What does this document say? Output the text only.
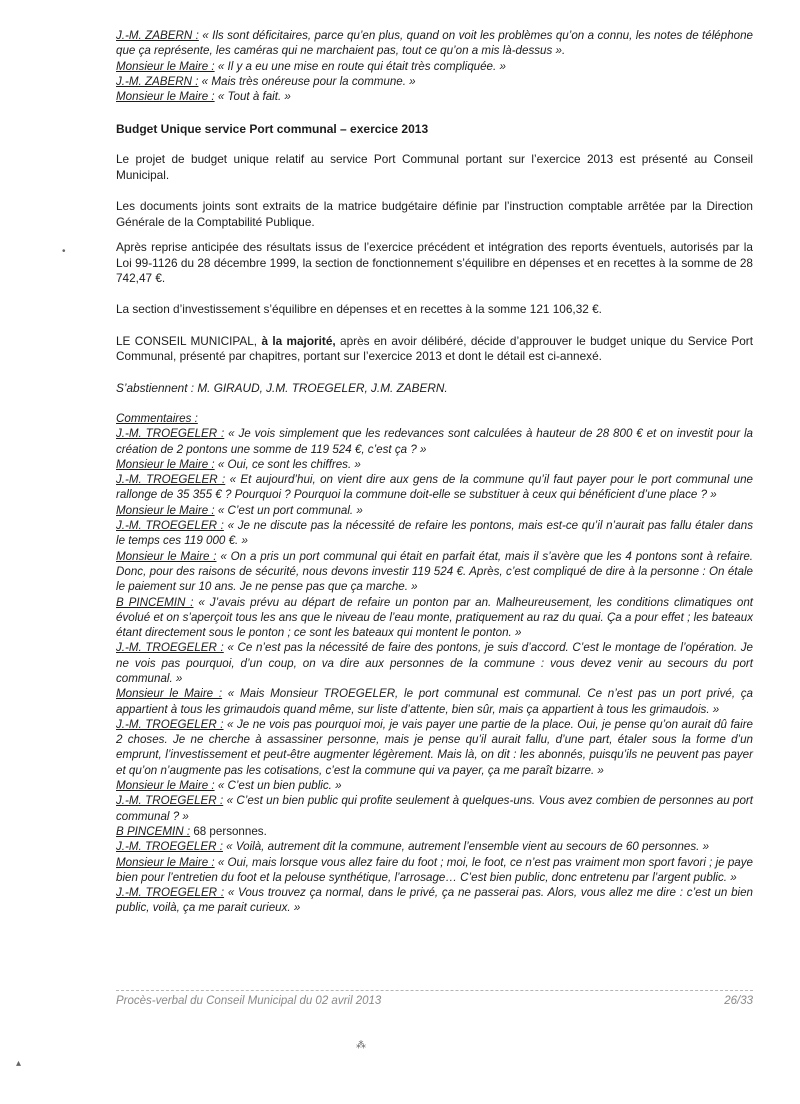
J.-M. ZABERN : « Ils sont déficitaires, parce qu’en plus, quand on voit les problèmes qu’on a connu, les notes de téléphone que ça représente, les caméras qui ne marchaient pas, tout ce qu’on a mis là-dessus ».

Monsieur le Maire : « Il y a eu une mise en route qui était très compliquée. »

J.-M. ZABERN : « Mais très onéreuse pour la commune. »

Monsieur le Maire : « Tout à fait. »

Budget Unique service Port communal – exercice 2013

Le projet de budget unique relatif au service Port Communal portant sur l’exercice 2013 est présenté au Conseil Municipal.

Les documents joints sont extraits de la matrice budgétaire définie par l’instruction comptable arrêtée par la Direction Générale de la Comptabilité Publique.

Après reprise anticipée des résultats issus de l’exercice précédent et intégration des reports éventuels, autorisés par la Loi 99-1126 du 28 décembre 1999, la section de fonctionnement s’équilibre en dépenses et en recettes à la somme de 28 742,47 €.

La section d’investissement s’équilibre en dépenses et en recettes à la somme 121 106,32 €.

LE CONSEIL MUNICIPAL, à la majorité, après en avoir délibéré, décide d’approuver le budget unique du Service Port Communal, présenté par chapitres, portant sur l’exercice 2013 et dont le détail est ci-annexé.

S’abstiennent : M. GIRAUD, J.M. TROEGELER, J.M. ZABERN.

Commentaires :

J.-M. TROEGELER : « Je vois simplement que les redevances sont calculées à hauteur de 28 800 € et on investit pour la création de 2 pontons une somme de 119 524 €, c’est ça ? »

Monsieur le Maire : « Oui, ce sont les chiffres. »

J.-M. TROEGELER : « Et aujourd’hui, on vient dire aux gens de la commune qu’il faut payer pour le port communal une rallonge de 35 355 € ? Pourquoi ? Pourquoi la commune doit-elle se substituer à ceux qui bénéficient d’une place ? »

Monsieur le Maire : « C’est un port communal. »

J.-M. TROEGELER : « Je ne discute pas la nécessité de refaire les pontons, mais est-ce qu’il n’aurait pas fallu étaler dans le temps ces 119 000 €. »

Monsieur le Maire : « On a pris un port communal qui était en parfait état, mais il s’avère que les 4 pontons sont à refaire. Donc, pour des raisons de sécurité, nous devons investir 119 524 €. Après, c’est compliqué de dire à la personne : On étale le paiement sur 10 ans. Je ne pense pas que ça marche. »

B PINCEMIN : « J’avais prévu au départ de refaire un ponton par an. Malheureusement, les conditions climatiques ont évolué et on s’aperçoit tous les ans que le niveau de l’eau monte, pratiquement au raz du quai. Ça a pour effet ; les bateaux étant directement sous le ponton ; ce sont les bateaux qui montent le ponton. »

J.-M. TROEGELER : « Ce n’est pas la nécessité de faire des pontons, je suis d’accord. C’est le montage de l’opération. Je ne vois pas pourquoi, d’un coup, on va dire aux personnes de la commune : vous devez venir au secours du port communal. »

Monsieur le Maire : « Mais Monsieur TROEGELER, le port communal est communal. Ce n’est pas un port privé, ça appartient à tous les grimaudois quand même, sur liste d’attente, bien sûr, mais ça appartient à tous les grimaudois. »

J.-M. TROEGELER : « Je ne vois pas pourquoi moi, je vais payer une partie de la place. Oui, je pense qu’on aurait dû faire 2 choses. Je ne cherche à assassiner personne, mais je pense qu’il aurait fallu, d’une part, étaler sous la forme d’un emprunt, l’investissement et peut-être augmenter légèrement. Mais là, on dit : les abonnés, puisqu’ils ne peuvent pas payer et qu’on n’augmente pas les cotisations, c’est la commune qui va payer, ça me paraît bizarre. »

Monsieur le Maire : « C’est un bien public. »

J.-M. TROEGELER : « C’est un bien public qui profite seulement à quelques-uns. Vous avez combien de personnes au port communal ? »

B PINCEMIN : 68 personnes.

J.-M. TROEGELER : « Voilà, autrement dit la commune, autrement l’ensemble vient au secours de 60 personnes. »

Monsieur le Maire : « Oui, mais lorsque vous allez faire du foot ; moi, le foot, ce n’est pas vraiment mon sport favori ; je paye bien pour l’entretien du foot et la pelouse synthétique, l’arrosage… C’est bien public, donc entretenu par l’argent public. »

J.-M. TROEGELER : « Vous trouvez ça normal, dans le privé, ça ne passerai pas. Alors, vous allez me dire : c’est un bien public, voilà, ça me parait curieux. »

Procès-verbal du Conseil Municipal du 02 avril 2013	26/33
•
⁂
▴
